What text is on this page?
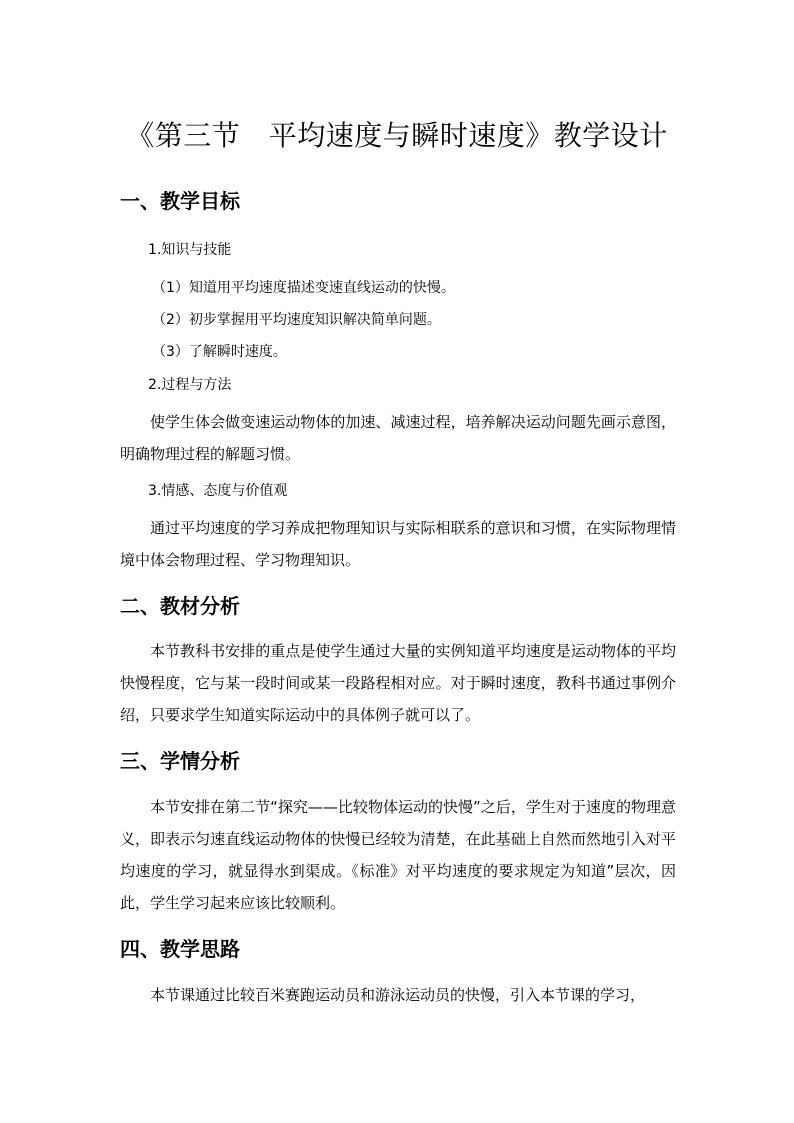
《第三节　平均速度与瞬时速度》教学设计
一、教学目标
1.知识与技能
（1）知道用平均速度描述变速直线运动的快慢。
（2）初步掌握用平均速度知识解决简单问题。
（3）了解瞬时速度。
2.过程与方法

使学生体会做变速运动物体的加速、减速过程，培养解决运动问题先画示意图，明确物理过程的解题习惯。

3.情感、态度与价值观

通过平均速度的学习养成把物理知识与实际相联系的意识和习惯，在实际物理情境中体会物理过程、学习物理知识。

二、教材分析

本节教科书安排的重点是使学生通过大量的实例知道平均速度是运动物体的平均快慢程度，它与某一段时间或某一段路程相对应。对于瞬时速度，教科书通过事例介绍，只要求学生知道实际运动中的具体例子就可以了。

三、学情分析

本节安排在第二节“探究——比较物体运动的快慢”之后，学生对于速度的物理意义，即表示匀速直线运动物体的快慢已经较为清楚，在此基础上自然而然地引入对平均速度的学习，就显得水到渠成。《标准》对平均速度的要求规定为知道”层次，因此，学生学习起来应该比较顺利。

四、教学思路

本节课通过比较百米赛跑运动员和游泳运动员的快慢，引入本节课的学习，
